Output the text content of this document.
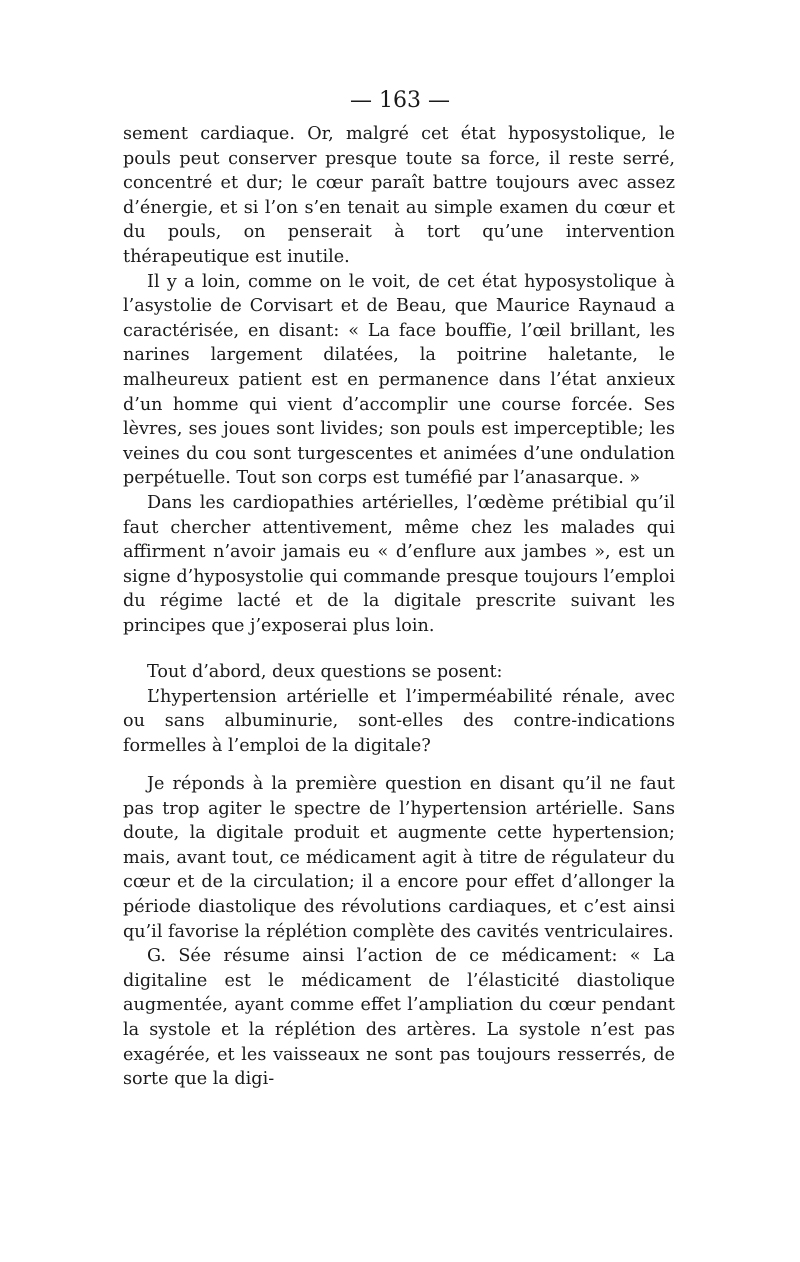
— 163 —

sement cardiaque. Or, malgré cet état hyposystolique, le pouls peut conserver presque toute sa force, il reste serré, concentré et dur; le cœur paraît battre toujours avec assez d’énergie, et si l’on s’en tenait au simple examen du cœur et du pouls, on penserait à tort qu’une intervention thérapeutique est inutile.

Il y a loin, comme on le voit, de cet état hyposystolique à l’asystolie de Corvisart et de Beau, que Maurice Raynaud a caractérisée, en disant: « La face bouffie, l’œil brillant, les narines largement dilatées, la poitrine haletante, le malheureux patient est en permanence dans l’état anxieux d’un homme qui vient d’accomplir une course forcée. Ses lèvres, ses joues sont livides; son pouls est imperceptible; les veines du cou sont turgescentes et animées d’une ondulation perpétuelle. Tout son corps est tuméfié par l’anasarque. »

Dans les cardiopathies artérielles, l’œdème prétibial qu’il faut chercher attentivement, même chez les malades qui affirment n’avoir jamais eu « d’enflure aux jambes », est un signe d’hyposystolie qui commande presque toujours l’emploi du régime lacté et de la digitale prescrite suivant les principes que j’exposerai plus loin.

Tout d’abord, deux questions se posent:

L’hypertension artérielle et l’imperméabilité rénale, avec ou sans albuminurie, sont-elles des contre-indications formelles à l’emploi de la digitale?

Je réponds à la première question en disant qu’il ne faut pas trop agiter le spectre de l’hypertension artérielle. Sans doute, la digitale produit et augmente cette hypertension; mais, avant tout, ce médicament agit à titre de régulateur du cœur et de la circulation; il a encore pour effet d’allonger la période diastolique des révolutions cardiaques, et c’est ainsi qu’il favorise la réplétion complète des cavités ventriculaires.

G. Sée résume ainsi l’action de ce médicament: « La digitaline est le médicament de l’élasticité diastolique augmentée, ayant comme effet l’ampliation du cœur pendant la systole et la réplétion des artères. La systole n’est pas exagérée, et les vaisseaux ne sont pas toujours resserrés, de sorte que la digi-
